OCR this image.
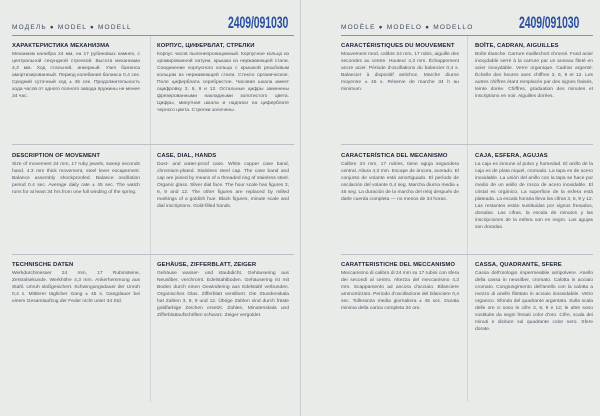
МОДЕЛЬ ● MODEL ● MODELL	2409/091030
ХАРАКТЕРИСТИКА МЕХАНИЗМА

Механизм калибра 24 мм, на 17 рубиновых камнях, с центральной секундной стрелкой. Высота механизма 4,3 мм. Ход стальной, анкерный. Узел баланса амортизированный. Период колебания баланса 0,4 сек. Средний суточный ход ± 45 сек. Продолжительность хода часов от одного полного завода пружины не менее 34 час.

КОРПУС, ЦИФЕРБЛАТ, СТРЕЛКИ

Корпус часов пыленепроницаемый. Корпусное кольцо из хромированной латуни, крышка из нержавеющей стали. Соединение корпусного кольца с крышкой резьбовым кольцом из нержавеющей стали. Стекло органическое. Поле циферблата серебристое. Часовая шкала имеет оцифровку 3, 6, 9 и 12. Остальные цифры заменены фрезерованными накладными золотистого цвета. Цифры, минутная шкала и надписи на циферблате черного цвета. Стрелки золочены.

DESCRIPTION OF MOVEMENT

Size of movement 24 mm, 17 ruby jewels, sweep seconds hand. 4.3 mm thick movement, steel lever escapement. Balance assembly shockproofed. Balance oscillation period 0.4 sec. Average daily rate ± 45 sec. The watch runs for at least 34 hrs from one full winding of the spring.

CASE, DIAL, HANDS

Dust- and water-proof case. White copper case band, chromium-plated. Stainless steel cap. The case band and cap are joined by means of a threaded ring of stainless steel. Organic glass. Silver dial face. The hour scale has figures 3, 6, 9 and 12. The other figures are replaced by milled markings of a goldish hue. Black figures, minute scale and dial inscriptions. Gold-filled hands.

TECHNISCHE DATEN

Werkdurchmesser 24 mm, 17 Rubinsteine, Zentralsekunde. Werkhöhe 4,3 mm. Ankerhemmung aus Stahl. Unruh stoßgesichert. Schwingungsdauer der Unruh 0,4 s. Mittlerer täglicher Gang ± 45 s. Gangdauer bei einem Gesamtaufzug der Feder nicht unter 34 Std.

GEHÄUSE, ZIFFERBLATT, ZEIGER

Gehäuse wasser- und staubdicht. Gehäusering aus Neusilber, verchromt. Edelstahlboden. Gehäusering ist mit Boden durch einen Gewindering aus Edelstahl verbunden. Organisches Glas. Zifferblatt versilbert. Die Stundenskala hat Zahlen 3, 6, 9 und 12. Übrige Zahlen sind durch fräste goldfarbige Zeichen ersetzt. Zahlen, Minutenskala und Zifferblattaufschriften schwarz. Zeiger vergoldet.

MODÈLE ● MODELO ● MODELLO	2409/091030
CARACTÉRISTIQUES DU MOUVEMENT

Mouvement rond, calibre 24 mm, 17 rubis, aiguille des secondes au centre. Hauteur 4,3 mm. Échappement ancre acier. Période d'oscillations du balancier 0,4 s. Balancier à dispositif antichoc. Marche diurne moyenne ± 45 s. Réserve de marche 34 h au minimum.

BOÎTE, CADRAN, AIGUILLES

Boîte étanche. Carrure maillechort chromé. Fond acier inoxydable serré à la carrure par un anneau fileté en acier inoxydable. Verre organique. Cadran argenté. Échelle des heures avec chiffres 3, 6, 9 et 12. Les autres chiffres étant remplacés par des signes fraisés, teinte dorée. Chiffres, graduation des minutes et inscriptions en noir. Aiguilles dorées.

CARACTERÍSTICA DEL MECANISMO

Calibre 24 mm, 17 rubíes, tiene aguja segundera central. Altura 4,3 mm. Escape de áncora, acerado. El conjunto de volante está amortiguado. El período de oscilación del volante 0,4 seg. Marcha diurna media ± 45 seg. La duración de la marcha del reloj después de darle cuerda completa — no menos de 34 horas.

CAJA, ESFERA, AGUJAS

La caja es inmune al polvo y humedad. El anillo de la caja es de plata niquel, cromado. La tapa es de acero inoxidable. La unión del anillo con la tapa se hace por medio de un anillo de rosca de acero inoxidable. El cristal es orgánico. La superficie de la esfera está plateada. La escala horaria lleva las cifras 3, 6, 9 y 12. Las restantes están sustituidas por signos fresados, doradas. Las cifras, la escala de minutos y las inscripciones de la esfera van en negro. Las agujas son doradas.

CARATTERISTICHE DEL MECCANISMO

Meccanismo di calibro di 24 mm su 17 rubini con sfera dei secondi al centro. Altezza del meccanismo 4,3 mm. Scappamento ad ancora d'acciaio. Bilanciere ammortizzato. Periodo d'oscillazione del bilanciere 0,4 sec. Tolleranza media giornaliera ± 45 sec. Durata minima della carica completa 34 ore.

CASSA, QUADRANTE, SFERE

Cassa dell'orologio impermeabile antipolvere. Anello della cassa in neusilber, cromato. Calotta in acciaio cromato. Congiungimento dell'anello con la calotta a mezzo di anello filettato in acciaio inossidabile. Vetro organico. Sfondo del quadrante argentato. Sulla scala delle ore ci sono le cifre 3, 6, 9 e 12; le altre sono sostituite da segni fresati color d'oro. Cifre, scala dei minuti e diciture sul quadrante color nero. Sfere dorate.
